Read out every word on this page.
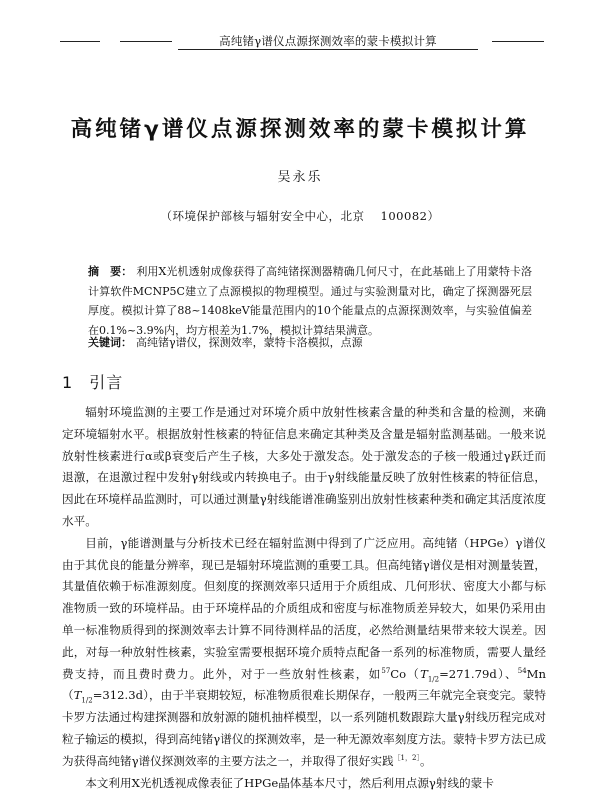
高纯锗γ谱仪点源探测效率的蒙卡模拟计算
高纯锗γ谱仪点源探测效率的蒙卡模拟计算
吴永乐
（环境保护部核与辐射安全中心，北京 100082）

摘　要： 利用X光机透射成像获得了高纯锗探测器精确几何尺寸，在此基础上了用蒙特卡洛计算软件MCNP5C建立了点源模拟的物理模型。通过与实验测量对比，确定了探测器死层厚度。模拟计算了88~1408keV能量范围内的10个能量点的点源探测效率，与实验值偏差在0.1%~3.9%内，均方根差为1.7%，模拟计算结果满意。

关键词： 高纯锗γ谱仪，探测效率，蒙特卡洛模拟，点源
1 引言

辐射环境监测的主要工作是通过对环境介质中放射性核素含量的种类和含量的检测，来确定环境辐射水平。根据放射性核素的特征信息来确定其种类及含量是辐射监测基础。一般来说放射性核素进行α或β衰变后产生子核，大多处于激发态。处于激发态的子核一般通过γ跃迁而退激，在退激过程中发射γ射线或内转换电子。由于γ射线能量反映了放射性核素的特征信息，因此在环境样品监测时，可以通过测量γ射线能谱准确鉴别出放射性核素种类和确定其活度浓度水平。

目前，γ能谱测量与分析技术已经在辐射监测中得到了广泛应用。高纯锗（HPGe）γ谱仪由于其优良的能量分辨率，现已是辐射环境监测的重要工具。但高纯锗γ谱仪是相对测量装置，其量值依赖于标准源刻度。但刻度的探测效率只适用于介质组成、几何形状、密度大小都与标准物质一致的环境样品。由于环境样品的介质组成和密度与标准物质差异较大，如果仍采用由单一标准物质得到的探测效率去计算不同待测样品的活度，必然给测量结果带来较大误差。因此，对每一种放射性核素，实验室需要根据环境介质特点配备一系列的标准物质，需要人量经费支持，而且费时费力。此外，对于一些放射性核素，如$^{57}Co(T_{1/2}=271.79d)$、$^{54}Mn(T_{1/2}=312.3d)$，由于半衰期较短，标准物质很难长期保存，一般两三年就完全衰变完。蒙特卡罗方法通过构建探测器和放射源的随机抽样模型，以一系列随机数跟踪大量γ射线历程完成对粒子输运的模拟，得到高纯锗γ谱仪的探测效率，是一种无源效率刻度方法。蒙特卡罗方法已成为获得高纯锗γ谱仪探测效率的主要方法之一，并取得了很好实践$^{[1,2]}$。

本文利用X光机透视成像表征了HPGe晶体基本尺寸，然后利用点源γ射线的蒙卡
